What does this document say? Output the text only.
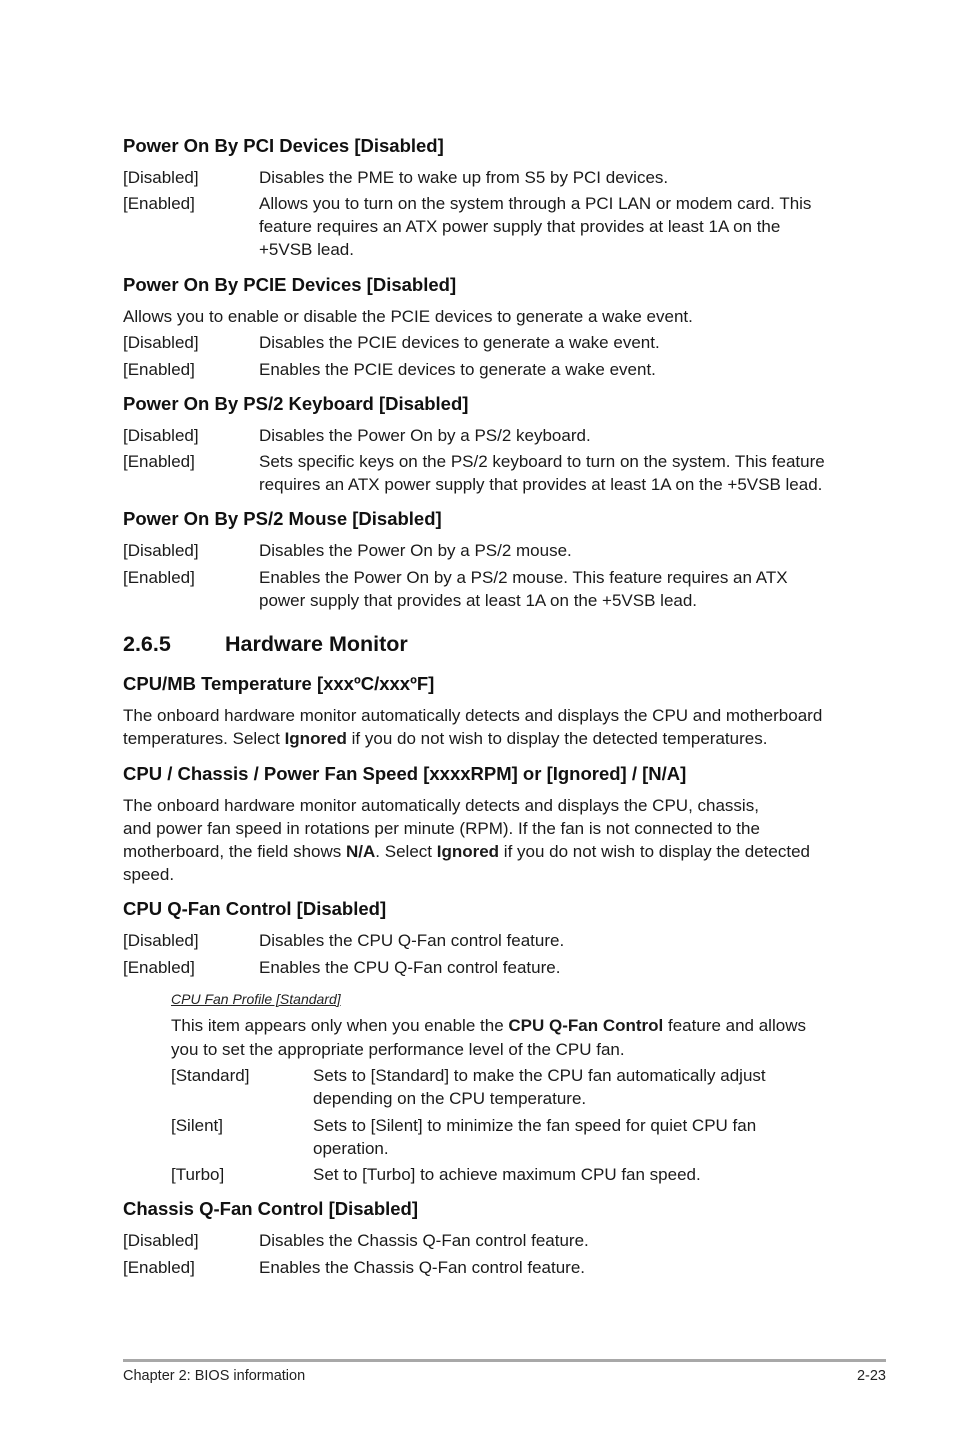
Power On By PCI Devices [Disabled]
[Disabled]	Disables the PME to wake up from S5 by PCI devices.
[Enabled]	Allows you to turn on the system through a PCI LAN or modem card. This
feature requires an ATX power supply that provides at least 1A on the
+5VSB lead.
Power On By PCIE Devices [Disabled]
Allows you to enable or disable the PCIE devices to generate a wake event.
[Disabled]	Disables the PCIE devices to generate a wake event.
[Enabled]	Enables the PCIE devices to generate a wake event.
Power On By PS/2 Keyboard [Disabled]
[Disabled]	Disables the Power On by a PS/2 keyboard.
[Enabled]	Sets specific keys on the PS/2 keyboard to turn on the system. This feature
requires an ATX power supply that provides at least 1A on the +5VSB lead.
Power On By PS/2 Mouse [Disabled]
[Disabled]	Disables the Power On by a PS/2 mouse.
[Enabled]	Enables the Power On by a PS/2 mouse. This feature requires an ATX
power supply that provides at least 1A on the +5VSB lead.
2.6.5	Hardware Monitor
CPU/MB Temperature [xxxºC/xxxºF]
The onboard hardware monitor automatically detects and displays the CPU and motherboard
temperatures. Select Ignored if you do not wish to display the detected temperatures.
CPU / Chassis / Power Fan Speed [xxxxRPM] or [Ignored] / [N/A]
The onboard hardware monitor automatically detects and displays the CPU, chassis,
and power fan speed in rotations per minute (RPM). If the fan is not connected to the
motherboard, the field shows N/A. Select Ignored if you do not wish to display the detected
speed.
CPU Q-Fan Control [Disabled]
[Disabled]	Disables the CPU Q-Fan control feature.
[Enabled]	Enables the CPU Q-Fan control feature.
CPU Fan Profile [Standard]
This item appears only when you enable the CPU Q-Fan Control feature and allows
you to set the appropriate performance level of the CPU fan.
[Standard]	Sets to [Standard] to make the CPU fan automatically adjust
depending on the CPU temperature.
[Silent]	Sets to [Silent] to minimize the fan speed for quiet CPU fan
operation.
[Turbo]	Set to [Turbo] to achieve maximum CPU fan speed.
Chassis Q-Fan Control [Disabled]
[Disabled]	Disables the Chassis Q-Fan control feature.
[Enabled]	Enables the Chassis Q-Fan control feature.
Chapter 2: BIOS information	2-23
